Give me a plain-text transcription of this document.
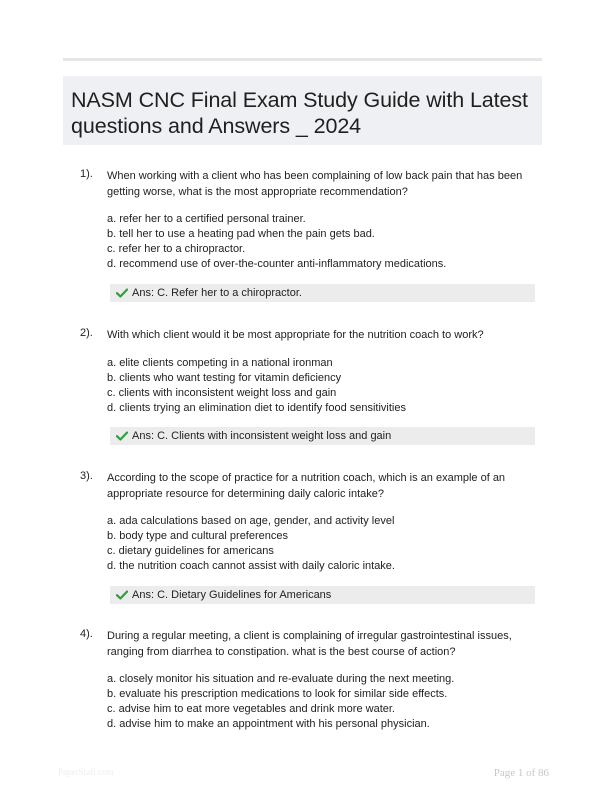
NASM CNC Final Exam Study Guide with Latest questions and Answers _ 2024
1). When working with a client who has been complaining of low back pain that has been getting worse, what is the most appropriate recommendation?
a. refer her to a certified personal trainer.
b. tell her to use a heating pad when the pain gets bad.
c. refer her to a chiropractor.
d. recommend use of over-the-counter anti-inflammatory medications.
Ans: C. Refer her to a chiropractor.
2). With which client would it be most appropriate for the nutrition coach to work?
a. elite clients competing in a national ironman
b. clients who want testing for vitamin deficiency
c. clients with inconsistent weight loss and gain
d. clients trying an elimination diet to identify food sensitivities
Ans: C. Clients with inconsistent weight loss and gain
3). According to the scope of practice for a nutrition coach, which is an example of an appropriate resource for determining daily caloric intake?
a. ada calculations based on age, gender, and activity level
b. body type and cultural preferences
c. dietary guidelines for americans
d. the nutrition coach cannot assist with daily caloric intake.
Ans: C. Dietary Guidelines for Americans
4). During a regular meeting, a client is complaining of irregular gastrointestinal issues, ranging from diarrhea to constipation. what is the best course of action?
a. closely monitor his situation and re-evaluate during the next meeting.
b. evaluate his prescription medications to look for similar side effects.
c. advise him to eat more vegetables and drink more water.
d. advise him to make an appointment with his personal physician.
PaperStaff.com	Page 1 of 86
